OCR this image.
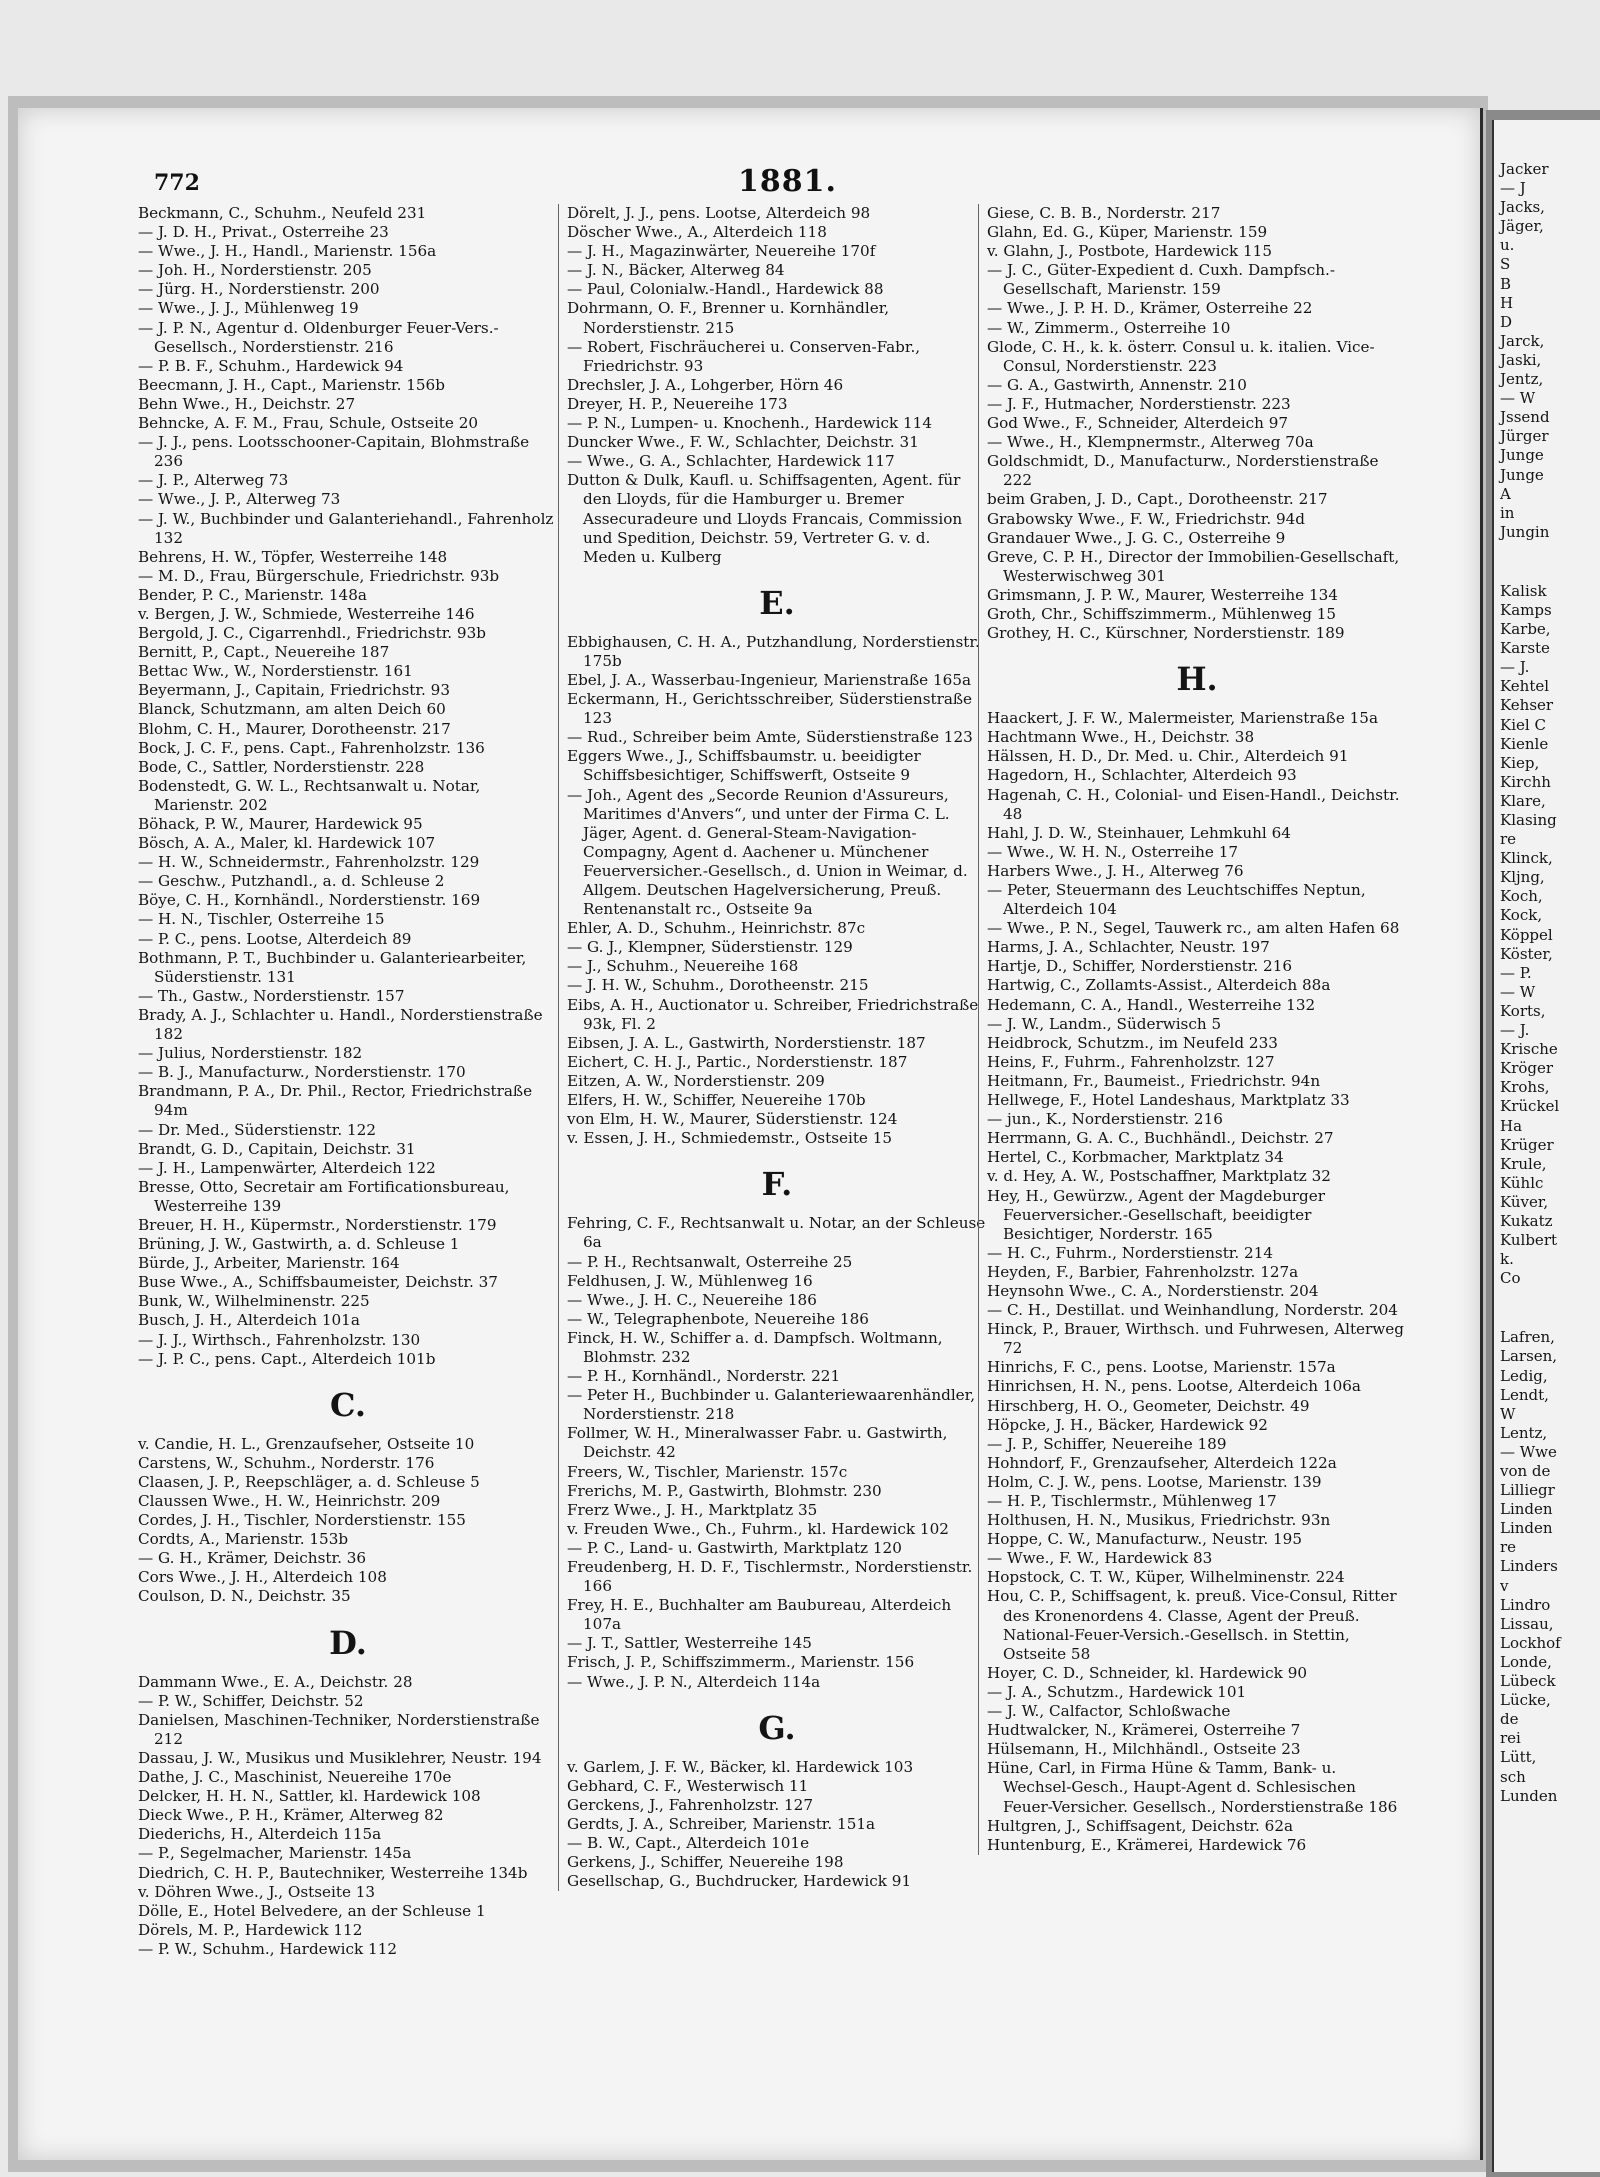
772	1881.
Beckmann, C., Schuhm., Neufeld 231
— J. D. H., Privat., Osterreihe 23
— Wwe., J. H., Handl., Marienstr. 156a
— Joh. H., Norderstienstr. 205
— Jürg. H., Norderstienstr. 200
— Wwe., J. J., Mühlenweg 19
— J. P. N., Agentur d. Oldenburger Feuer-Vers.-Gesellsch., Norderstienstr. 216
— P. B. F., Schuhm., Hardewick 94
Beecmann, J. H., Capt., Marienstr. 156b
Behn Wwe., H., Deichstr. 27
Behncke, A. F. M., Frau, Schule, Ostseite 20
— J. J., pens. Lootsschooner-Capitain, Blohmstraße 236
— J. P., Alterweg 73
— Wwe., J. P., Alterweg 73
— J. W., Buchbinder und Galanteriehandl., Fahrenholz 132
Behrens, H. W., Töpfer, Westerreihe 148
— M. D., Frau, Bürgerschule, Friedrichstr. 93b
Bender, P. C., Marienstr. 148a
v. Bergen, J. W., Schmiede, Westerreihe 146
Bergold, J. C., Cigarrenhdl., Friedrichstr. 93b
Bernitt, P., Capt., Neuereihe 187
Bettac Ww., W., Norderstienstr. 161
Beyermann, J., Capitain, Friedrichstr. 93
Blanck, Schutzmann, am alten Deich 60
Blohm, C. H., Maurer, Dorotheenstr. 217
Bock, J. C. F., pens. Capt., Fahrenholzstr. 136
Bode, C., Sattler, Norderstienstr. 228
Bodenstedt, G. W. L., Rechtsanwalt u. Notar, Marienstr. 202
Böhack, P. W., Maurer, Hardewick 95
Bösch, A. A., Maler, kl. Hardewick 107
— H. W., Schneidermstr., Fahrenholzstr. 129
— Geschw., Putzhandl., a. d. Schleuse 2
Böye, C. H., Kornhändl., Norderstienstr. 169
— H. N., Tischler, Osterreihe 15
— P. C., pens. Lootse, Alterdeich 89
Bothmann, P. T., Buchbinder u. Galanteriearbeiter, Süderstienstr. 131
— Th., Gastw., Norderstienstr. 157
Brady, A. J., Schlachter u. Handl., Norderstienstraße 182
— Julius, Norderstienstr. 182
— B. J., Manufacturw., Norderstienstr. 170
Brandmann, P. A., Dr. Phil., Rector, Friedrichstraße 94m
— Dr. Med., Süderstienstr. 122
Brandt, G. D., Capitain, Deichstr. 31
— J. H., Lampenwärter, Alterdeich 122
Bresse, Otto, Secretair am Fortificationsbureau, Westerreihe 139
Breuer, H. H., Küpermstr., Norderstienstr. 179
Brüning, J. W., Gastwirth, a. d. Schleuse 1
Bürde, J., Arbeiter, Marienstr. 164
Buse Wwe., A., Schiffsbaumeister, Deichstr. 37
Bunk, W., Wilhelminenstr. 225
Busch, J. H., Alterdeich 101a
— J. J., Wirthsch., Fahrenholzstr. 130
— J. P. C., pens. Capt., Alterdeich 101b
C.
v. Candie, H. L., Grenzaufseher, Ostseite 10
Carstens, W., Schuhm., Norderstr. 176
Claasen, J. P., Reepschläger, a. d. Schleuse 5
Claussen Wwe., H. W., Heinrichstr. 209
Cordes, J. H., Tischler, Norderstienstr. 155
Cordts, A., Marienstr. 153b
— G. H., Krämer, Deichstr. 36
Cors Wwe., J. H., Alterdeich 108
Coulson, D. N., Deichstr. 35
D.
Dammann Wwe., E. A., Deichstr. 28
— P. W., Schiffer, Deichstr. 52
Danielsen, Maschinen-Techniker, Norderstienstraße 212
Dassau, J. W., Musikus und Musiklehrer, Neustr. 194
Dathe, J. C., Maschinist, Neuereihe 170e
Delcker, H. H. N., Sattler, kl. Hardewick 108
Dieck Wwe., P. H., Krämer, Alterweg 82
Diederichs, H., Alterdeich 115a
— P., Segelmacher, Marienstr. 145a
Diedrich, C. H. P., Bautechniker, Westerreihe 134b
v. Döhren Wwe., J., Ostseite 13
Dölle, E., Hotel Belvedere, an der Schleuse 1
Dörels, M. P., Hardewick 112
— P. W., Schuhm., Hardewick 112
Dörelt, J. J., pens. Lootse, Alterdeich 98
Döscher Wwe., A., Alterdeich 118
— J. H., Magazinwärter, Neuereihe 170f
— J. N., Bäcker, Alterweg 84
— Paul, Colonialw.-Handl., Hardewick 88
Dohrmann, O. F., Brenner u. Kornhändler, Norderstienstr. 215
— Robert, Fischräucherei u. Conserven-Fabr., Friedrichstr. 93
Drechsler, J. A., Lohgerber, Hörn 46
Dreyer, H. P., Neuereihe 173
— P. N., Lumpen- u. Knochenh., Hardewick 114
Duncker Wwe., F. W., Schlachter, Deichstr. 31
— Wwe., G. A., Schlachter, Hardewick 117
Dutton & Dulk, Kaufl. u. Schiffsagenten, Agent. für den Lloyds, für die Hamburger u. Bremer Assecuradeure und Lloyds Francais, Commission und Spedition, Deichstr. 59, Vertreter G. v. d. Meden u. Kulberg
E.
Ebbighausen, C. H. A., Putzhandlung, Norderstienstr. 175b
Ebel, J. A., Wasserbau-Ingenieur, Marienstraße 165a
Eckermann, H., Gerichtsschreiber, Süderstienstraße 123
— Rud., Schreiber beim Amte, Süderstienstraße 123
Eggers Wwe., J., Schiffsbaumstr. u. beeidigter Schiffsbesichtiger, Schiffswerft, Ostseite 9
— Joh., Agent des „Secorde Reunion d'Assureurs, Maritimes d'Anvers“, und unter der Firma C. L. Jäger, Agent. d. General-Steam-Navigation-Compagny, Agent d. Aachener u. Münchener Feuerversicher.-Gesellsch., d. Union in Weimar, d. Allgem. Deutschen Hagelversicherung, Preuß. Rentenanstalt rc., Ostseite 9a
Ehler, A. D., Schuhm., Heinrichstr. 87c
— G. J., Klempner, Süderstienstr. 129
— J., Schuhm., Neuereihe 168
— J. H. W., Schuhm., Dorotheenstr. 215
Eibs, A. H., Auctionator u. Schreiber, Friedrichstraße 93k, Fl. 2
Eibsen, J. A. L., Gastwirth, Norderstienstr. 187
Eichert, C. H. J., Partic., Norderstienstr. 187
Eitzen, A. W., Norderstienstr. 209
Elfers, H. W., Schiffer, Neuereihe 170b
von Elm, H. W., Maurer, Süderstienstr. 124
v. Essen, J. H., Schmiedemstr., Ostseite 15
F.
Fehring, C. F., Rechtsanwalt u. Notar, an der Schleuse 6a
— P. H., Rechtsanwalt, Osterreihe 25
Feldhusen, J. W., Mühlenweg 16
— Wwe., J. H. C., Neuereihe 186
— W., Telegraphenbote, Neuereihe 186
Finck, H. W., Schiffer a. d. Dampfsch. Woltmann, Blohmstr. 232
— P. H., Kornhändl., Norderstr. 221
— Peter H., Buchbinder u. Galanteriewaarenhändler, Norderstienstr. 218
Follmer, W. H., Mineralwasser Fabr. u. Gastwirth, Deichstr. 42
Freers, W., Tischler, Marienstr. 157c
Frerichs, M. P., Gastwirth, Blohmstr. 230
Frerz Wwe., J. H., Marktplatz 35
v. Freuden Wwe., Ch., Fuhrm., kl. Hardewick 102
— P. C., Land- u. Gastwirth, Marktplatz 120
Freudenberg, H. D. F., Tischlermstr., Norderstienstr. 166
Frey, H. E., Buchhalter am Baubureau, Alterdeich 107a
— J. T., Sattler, Westerreihe 145
Frisch, J. P., Schiffszimmerm., Marienstr. 156
— Wwe., J. P. N., Alterdeich 114a
G.
v. Garlem, J. F. W., Bäcker, kl. Hardewick 103
Gebhard, C. F., Westerwisch 11
Gerckens, J., Fahrenholzstr. 127
Gerdts, J. A., Schreiber, Marienstr. 151a
— B. W., Capt., Alterdeich 101e
Gerkens, J., Schiffer, Neuereihe 198
Gesellschap, G., Buchdrucker, Hardewick 91
Giese, C. B. B., Norderstr. 217
Glahn, Ed. G., Küper, Marienstr. 159
v. Glahn, J., Postbote, Hardewick 115
— J. C., Güter-Expedient d. Cuxh. Dampfsch.-Gesellschaft, Marienstr. 159
— Wwe., J. P. H. D., Krämer, Osterreihe 22
— W., Zimmerm., Osterreihe 10
Glode, C. H., k. k. österr. Consul u. k. italien. Vice-Consul, Norderstienstr. 223
— G. A., Gastwirth, Annenstr. 210
— J. F., Hutmacher, Norderstienstr. 223
God Wwe., F., Schneider, Alterdeich 97
— Wwe., H., Klempnermstr., Alterweg 70a
Goldschmidt, D., Manufacturw., Norderstienstraße 222
beim Graben, J. D., Capt., Dorotheenstr. 217
Grabowsky Wwe., F. W., Friedrichstr. 94d
Grandauer Wwe., J. G. C., Osterreihe 9
Greve, C. P. H., Director der Immobilien-Gesellschaft, Westerwischweg 301
Grimsmann, J. P. W., Maurer, Westerreihe 134
Groth, Chr., Schiffszimmerm., Mühlenweg 15
Grothey, H. C., Kürschner, Norderstienstr. 189
H.
Haackert, J. F. W., Malermeister, Marienstraße 15a
Hachtmann Wwe., H., Deichstr. 38
Hälssen, H. D., Dr. Med. u. Chir., Alterdeich 91
Hagedorn, H., Schlachter, Alterdeich 93
Hagenah, C. H., Colonial- und Eisen-Handl., Deichstr. 48
Hahl, J. D. W., Steinhauer, Lehmkuhl 64
— Wwe., W. H. N., Osterreihe 17
Harbers Wwe., J. H., Alterweg 76
— Peter, Steuermann des Leuchtschiffes Neptun, Alterdeich 104
— Wwe., P. N., Segel, Tauwerk rc., am alten Hafen 68
Harms, J. A., Schlachter, Neustr. 197
Hartje, D., Schiffer, Norderstienstr. 216
Hartwig, C., Zollamts-Assist., Alterdeich 88a
Hedemann, C. A., Handl., Westerreihe 132
— J. W., Landm., Süderwisch 5
Heidbrock, Schutzm., im Neufeld 233
Heins, F., Fuhrm., Fahrenholzstr. 127
Heitmann, Fr., Baumeist., Friedrichstr. 94n
Hellwege, F., Hotel Landeshaus, Marktplatz 33
— jun., K., Norderstienstr. 216
Herrmann, G. A. C., Buchhändl., Deichstr. 27
Hertel, C., Korbmacher, Marktplatz 34
v. d. Hey, A. W., Postschaffner, Marktplatz 32
Hey, H., Gewürzw., Agent der Magdeburger Feuerversicher.-Gesellschaft, beeidigter Besichtiger, Norderstr. 165
— H. C., Fuhrm., Norderstienstr. 214
Heyden, F., Barbier, Fahrenholzstr. 127a
Heynsohn Wwe., C. A., Norderstienstr. 204
— C. H., Destillat. und Weinhandlung, Norderstr. 204
Hinck, P., Brauer, Wirthsch. und Fuhrwesen, Alterweg 72
Hinrichs, F. C., pens. Lootse, Marienstr. 157a
Hinrichsen, H. N., pens. Lootse, Alterdeich 106a
Hirschberg, H. O., Geometer, Deichstr. 49
Höpcke, J. H., Bäcker, Hardewick 92
— J. P., Schiffer, Neuereihe 189
Hohndorf, F., Grenzaufseher, Alterdeich 122a
Holm, C. J. W., pens. Lootse, Marienstr. 139
— H. P., Tischlermstr., Mühlenweg 17
Holthusen, H. N., Musikus, Friedrichstr. 93n
Hoppe, C. W., Manufacturw., Neustr. 195
— Wwe., F. W., Hardewick 83
Hopstock, C. T. W., Küper, Wilhelminenstr. 224
Hou, C. P., Schiffsagent, k. preuß. Vice-Consul, Ritter des Kronenordens 4. Classe, Agent der Preuß. National-Feuer-Versich.-Gesellsch. in Stettin, Ostseite 58
Hoyer, C. D., Schneider, kl. Hardewick 90
— J. A., Schutzm., Hardewick 101
— J. W., Calfactor, Schloßwache
Hudtwalcker, N., Krämerei, Osterreihe 7
Hülsemann, H., Milchhändl., Ostseite 23
Hüne, Carl, in Firma Hüne & Tamm, Bank- u. Wechsel-Gesch., Haupt-Agent d. Schlesischen Feuer-Versicher. Gesellsch., Norderstienstraße 186
Hultgren, J., Schiffsagent, Deichstr. 62a
Huntenburg, E., Krämerei, Hardewick 76
Jacker
— J
Jacks,
Jäger,
u.
S
B
H
D
Jarck,
Jaski,
Jentz,
— W
Jssend
Jürger
Junge
Junge
A
in
Jungin
Kalisk
Kamps
Karbe,
Karste
— J.
Kehtel
Kehser
Kiel C
Kienle
Kiep,
Kirchh
Klare,
Klasing
re
Klinck,
Kljng,
Koch,
Kock,
Köppel
Köster,
— P.
— W
Korts,
— J.
Krische
Kröger
Krohs,
Krückel
Ha
Krüger
Krule,
Kühlc
Küver,
Kukatz
Kulbert
k.
Co
Lafren,
Larsen,
Ledig,
Lendt,
W
Lentz,
— Wwe
von de
Lilliegr
Linden
Linden
re
Linders
v
Lindro
Lissau,
Lockhof
Londe,
Lübeck
Lücke,
de
rei
Lütt,
sch
Lunden
